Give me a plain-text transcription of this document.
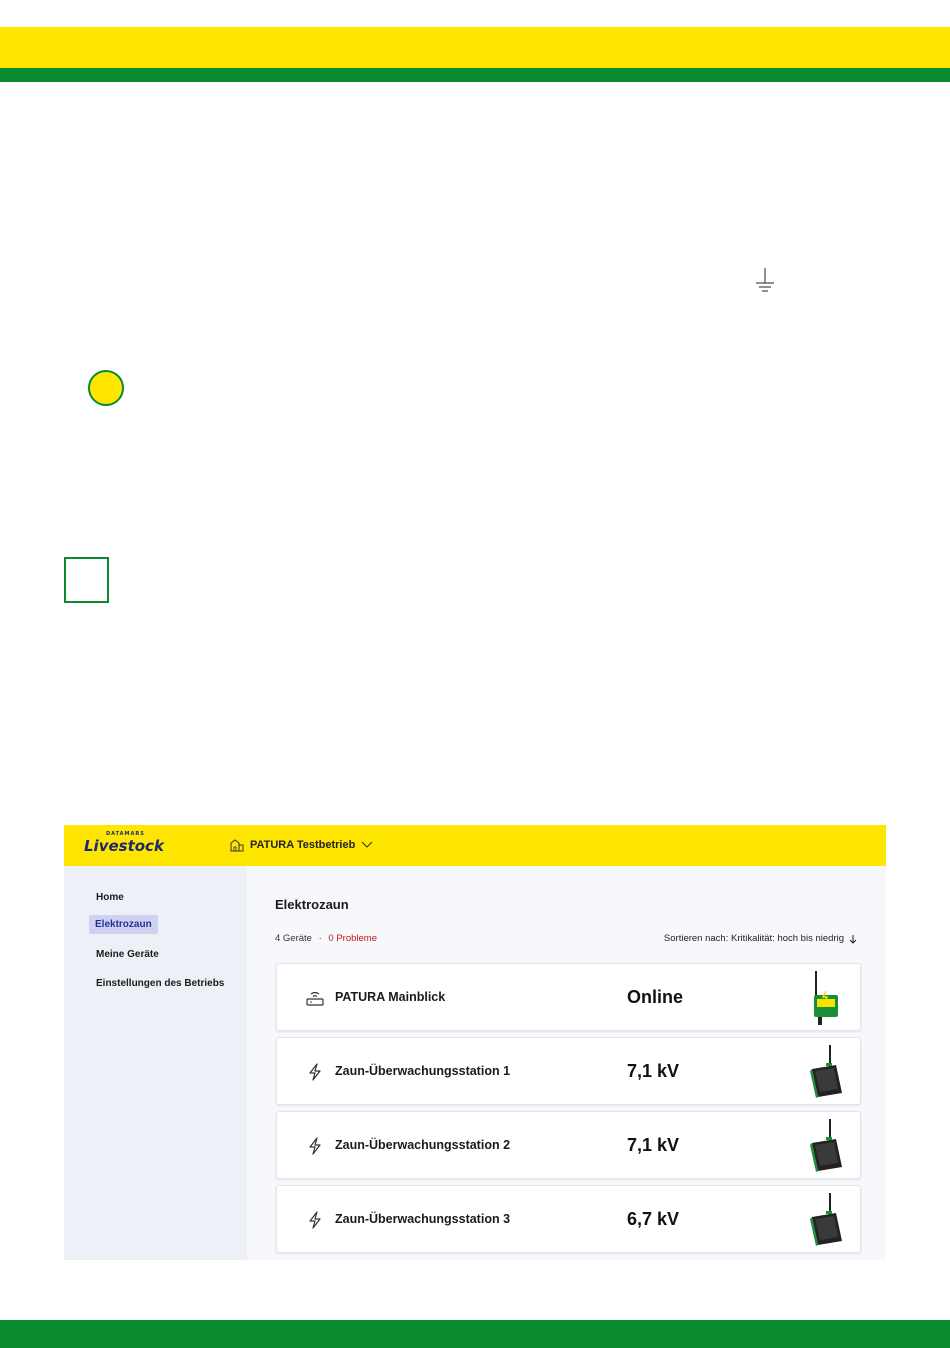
DATAMARS
Livestock	PATURA Testbetrieb
Home
Elektrozaun
Meine Geräte
Einstellungen des Betriebs
Elektrozaun
4 Geräte · 0 Probleme	Sortieren nach: Kritikalität: hoch bis niedrig
PATURA Mainblick	Online
Zaun-Überwachungsstation 1	7,1 kV
Zaun-Überwachungsstation 2	7,1 kV
Zaun-Überwachungsstation 3	6,7 kV
